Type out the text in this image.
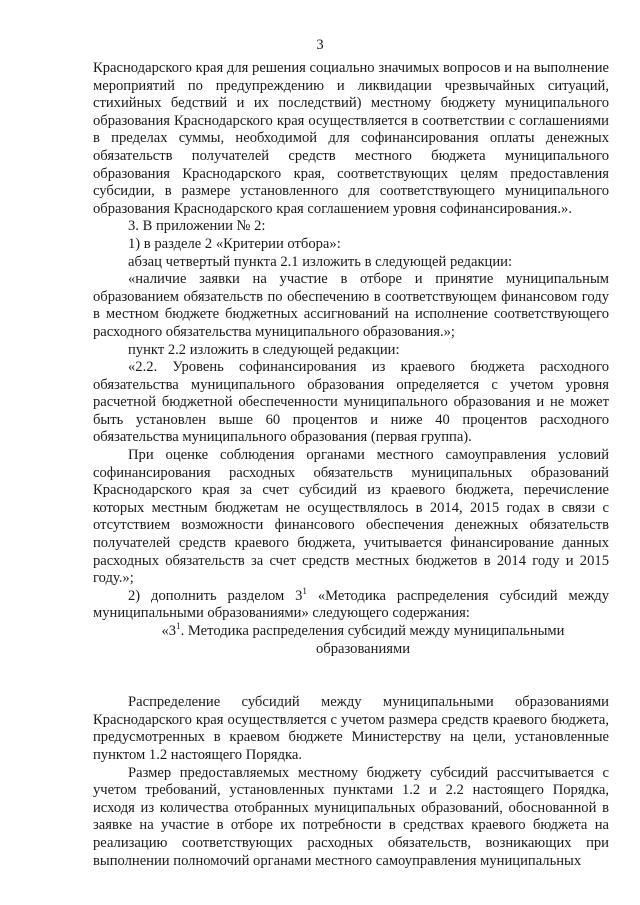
3

Краснодарского края для решения социально значимых вопросов и на выполнение мероприятий по предупреждению и ликвидации чрезвычайных ситуаций, стихийных бедствий и их последствий) местному бюджету муниципального образования Краснодарского края осуществляется в соответствии с соглашениями в пределах суммы, необходимой для софинансирования оплаты денежных обязательств получателей средств местного бюджета муниципального образования Краснодарского края, соответствующих целям предоставления субсидии, в размере установленного для соответствующего муниципального образования Краснодарского края соглашением уровня софинансирования.».

3. В приложении № 2:

1) в разделе 2 «Критерии отбора»:

абзац четвертый пункта 2.1 изложить в следующей редакции:

«наличие заявки на участие в отборе и принятие муниципальным образованием обязательств по обеспечению в соответствующем финансовом году в местном бюджете бюджетных ассигнований на исполнение соответствующего расходного обязательства муниципального образования.»;

пункт 2.2 изложить в следующей редакции:

«2.2. Уровень софинансирования из краевого бюджета расходного обязательства муниципального образования определяется с учетом уровня расчетной бюджетной обеспеченности муниципального образования и не может быть установлен выше 60 процентов и ниже 40 процентов расходного обязательства муниципального образования (первая группа).

При оценке соблюдения органами местного самоуправления условий софинансирования расходных обязательств муниципальных образований Краснодарского края за счет субсидий из краевого бюджета, перечисление которых местным бюджетам не осуществлялось в 2014, 2015 годах в связи с отсутствием возможности финансового обеспечения денежных обязательств получателей средств краевого бюджета, учитывается финансирование данных расходных обязательств за счет средств местных бюджетов в 2014 году и 2015 году.»;

2) дополнить разделом $3^1$ «Методика распределения субсидий между муниципальными образованиями» следующего содержания:

«$3^1$. Методика распределения субсидий между муниципальными образованиями

Распределение субсидий между муниципальными образованиями Краснодарского края осуществляется с учетом размера средств краевого бюджета, предусмотренных в краевом бюджете Министерству на цели, установленные пунктом 1.2 настоящего Порядка.

Размер предоставляемых местному бюджету субсидий рассчитывается с учетом требований, установленных пунктами 1.2 и 2.2 настоящего Порядка, исходя из количества отобранных муниципальных образований, обоснованной в заявке на участие в отборе их потребности в средствах краевого бюджета на реализацию соответствующих расходных обязательств, возникающих при выполнении полномочий органами местного самоуправления муниципальных
